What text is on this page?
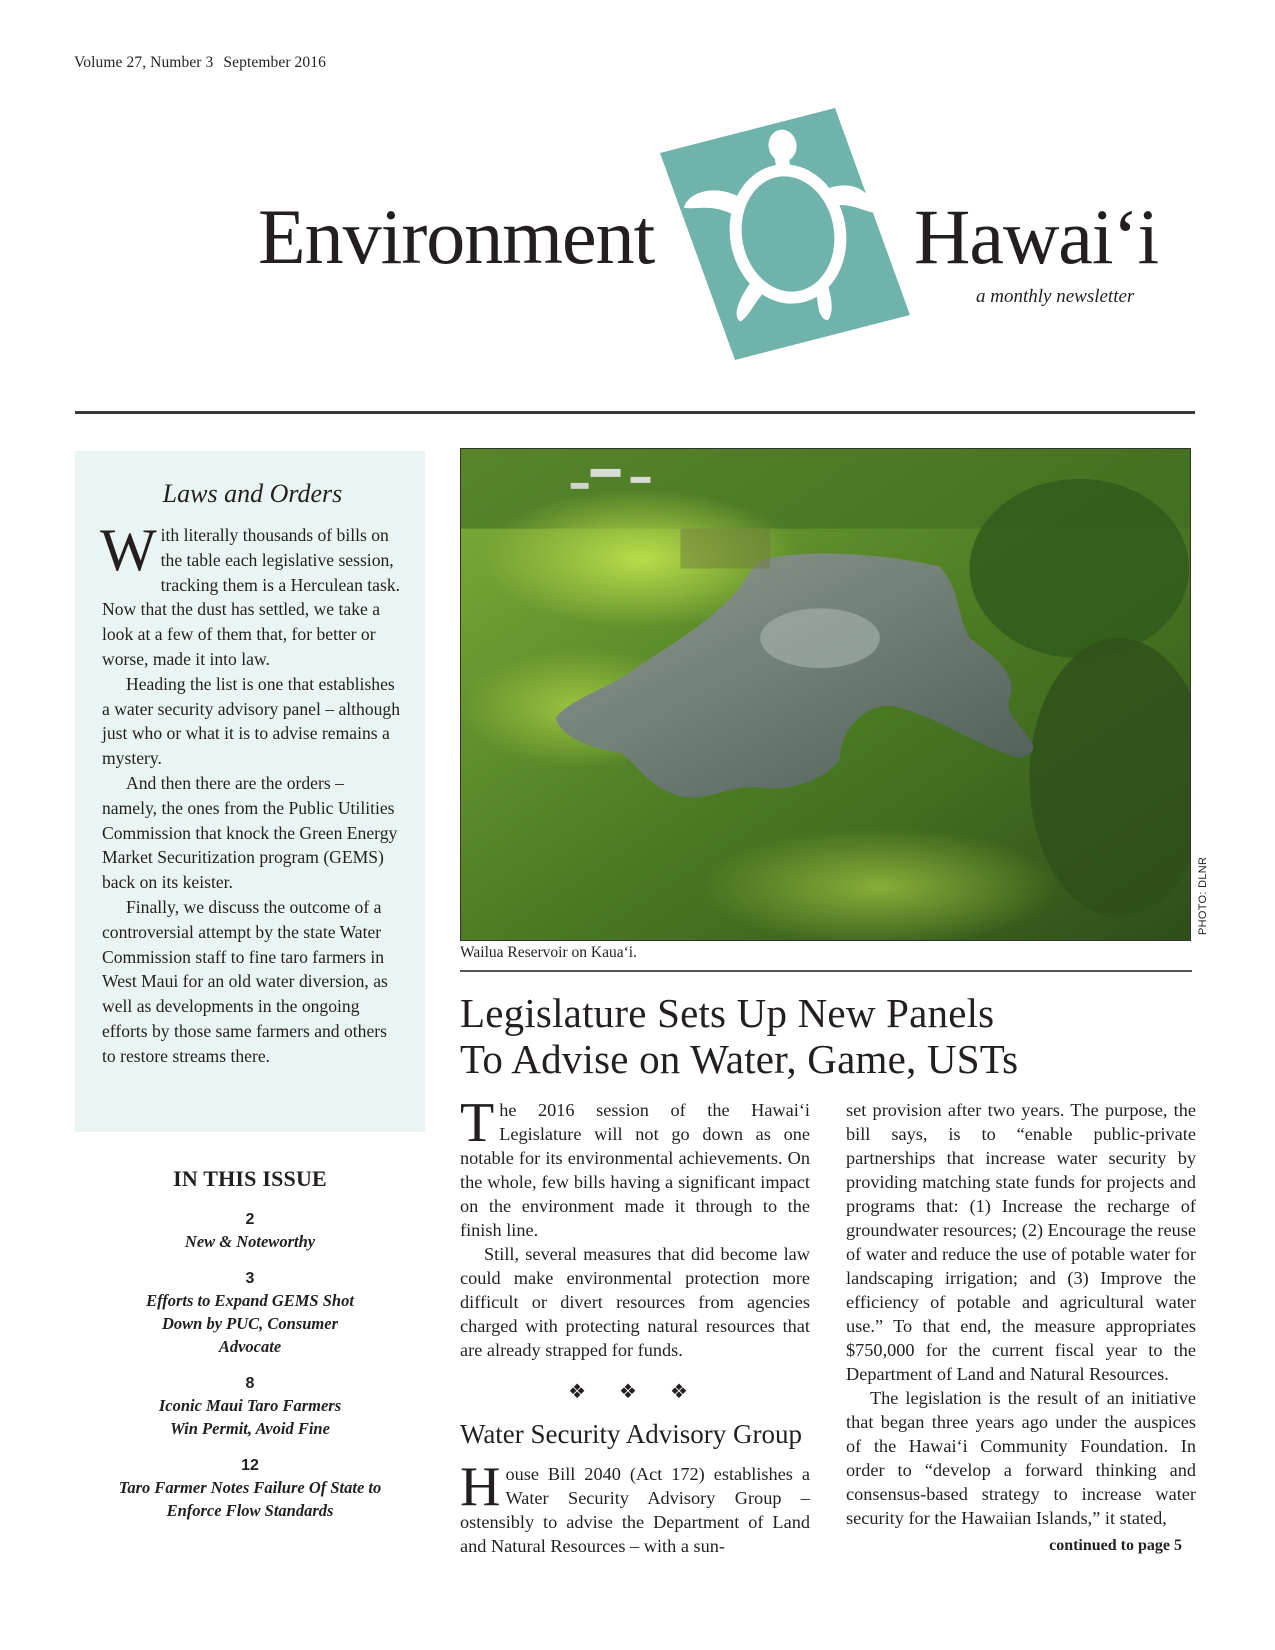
Volume 27, Number 3 September 2016
Environment	Hawai‘i
a monthly newsletter
Laws and Orders

With literally thousands of bills on the table each legislative session, tracking them is a Herculean task. Now that the dust has settled, we take a look at a few of them that, for better or worse, made it into law.

Heading the list is one that establishes a water security advisory panel – although just who or what it is to advise remains a mystery.

And then there are the orders – namely, the ones from the Public Utilities Commission that knock the Green Energy Market Securitization program (GEMS) back on its keister.

Finally, we discuss the outcome of a controversial attempt by the state Water Commission staff to fine taro farmers in West Maui for an old water diversion, as well as developments in the ongoing efforts by those same farmers and others to restore streams there.

IN THIS ISSUE
2
New & Noteworthy
3
Efforts to Expand GEMS Shot Down by PUC, Consumer Advocate
8
Iconic Maui Taro Farmers Win Permit, Avoid Fine
12
Taro Farmer Notes Failure Of State to Enforce Flow Standards
PHOTO: DLNR
Wailua Reservoir on Kaua‘i.
Legislature Sets Up New Panels
To Advise on Water, Game, USTs

The 2016 session of the Hawai‘i Legislature will not go down as one notable for its environmental achievements. On the whole, few bills having a significant impact on the environment made it through to the finish line.

Still, several measures that did become law could make environmental protection more difficult or divert resources from agencies charged with protecting natural resources that are already strapped for funds.

❖ ❖ ❖
Water Security Advisory Group

House Bill 2040 (Act 172) establishes a Water Security Advisory Group – ostensibly to advise the Department of Land and Natural Resources – with a sun-

set provision after two years. The purpose, the bill says, is to “enable public-private partnerships that increase water security by providing matching state funds for projects and programs that: (1) Increase the recharge of groundwater resources; (2) Encourage the reuse of water and reduce the use of potable water for landscaping irrigation; and (3) Improve the efficiency of potable and agricultural water use.” To that end, the measure appropriates $750,000 for the current fiscal year to the Department of Land and Natural Resources.

The legislation is the result of an initiative that began three years ago under the auspices of the Hawai‘i Community Foundation. In order to “develop a forward thinking and consensus-based strategy to increase water security for the Hawaiian Islands,” it stated,

continued to page 5
